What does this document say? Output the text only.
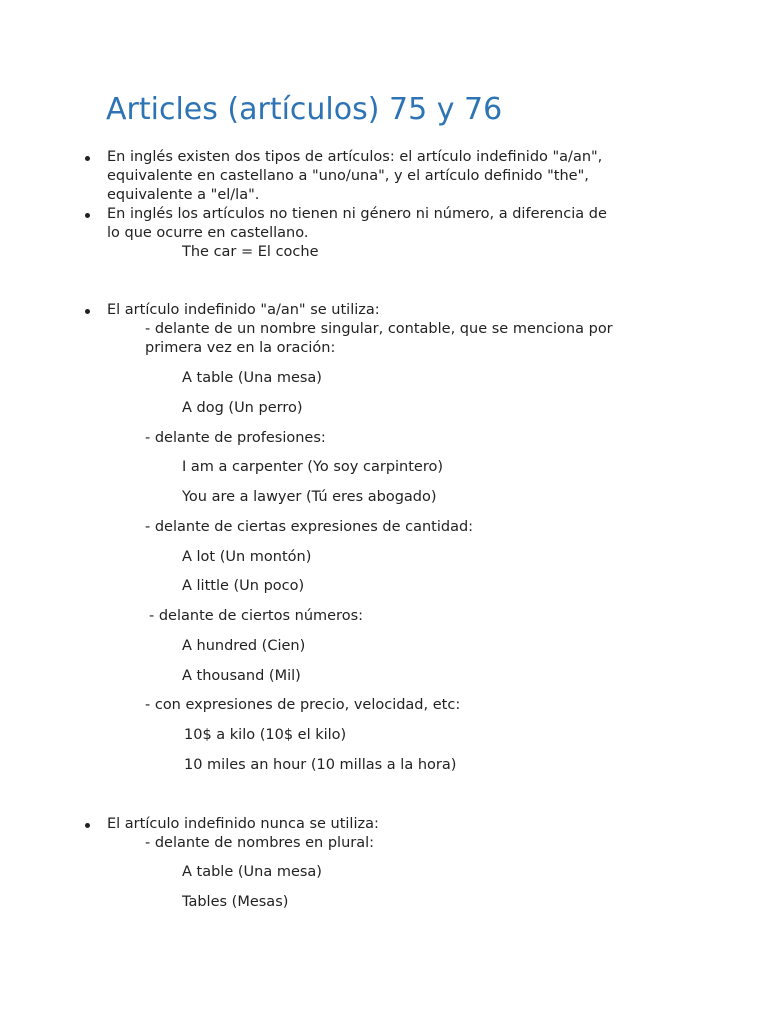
Articles (artículos) 75 y 76
En inglés existen dos tipos de artículos: el artículo indefinido "a/an",
equivalente en castellano a "uno/una", y el artículo definido "the",
equivalente a "el/la".
En inglés los artículos no tienen ni género ni número, a diferencia de
lo que ocurre en castellano.
The car = El coche
El artículo indefinido "a/an" se utiliza:
- delante de un nombre singular, contable, que se menciona por
primera vez en la oración:
A table (Una mesa)
A dog (Un perro)
- delante de profesiones:
I am a carpenter (Yo soy carpintero)
You are a lawyer (Tú eres abogado)
- delante de ciertas expresiones de cantidad:
A lot (Un montón)
A little (Un poco)
- delante de ciertos números:
A hundred (Cien)
A thousand (Mil)
- con expresiones de precio, velocidad, etc:
10$ a kilo (10$ el kilo)
10 miles an hour (10 millas a la hora)
El artículo indefinido nunca se utiliza:
- delante de nombres en plural:
A table (Una mesa)
Tables (Mesas)
